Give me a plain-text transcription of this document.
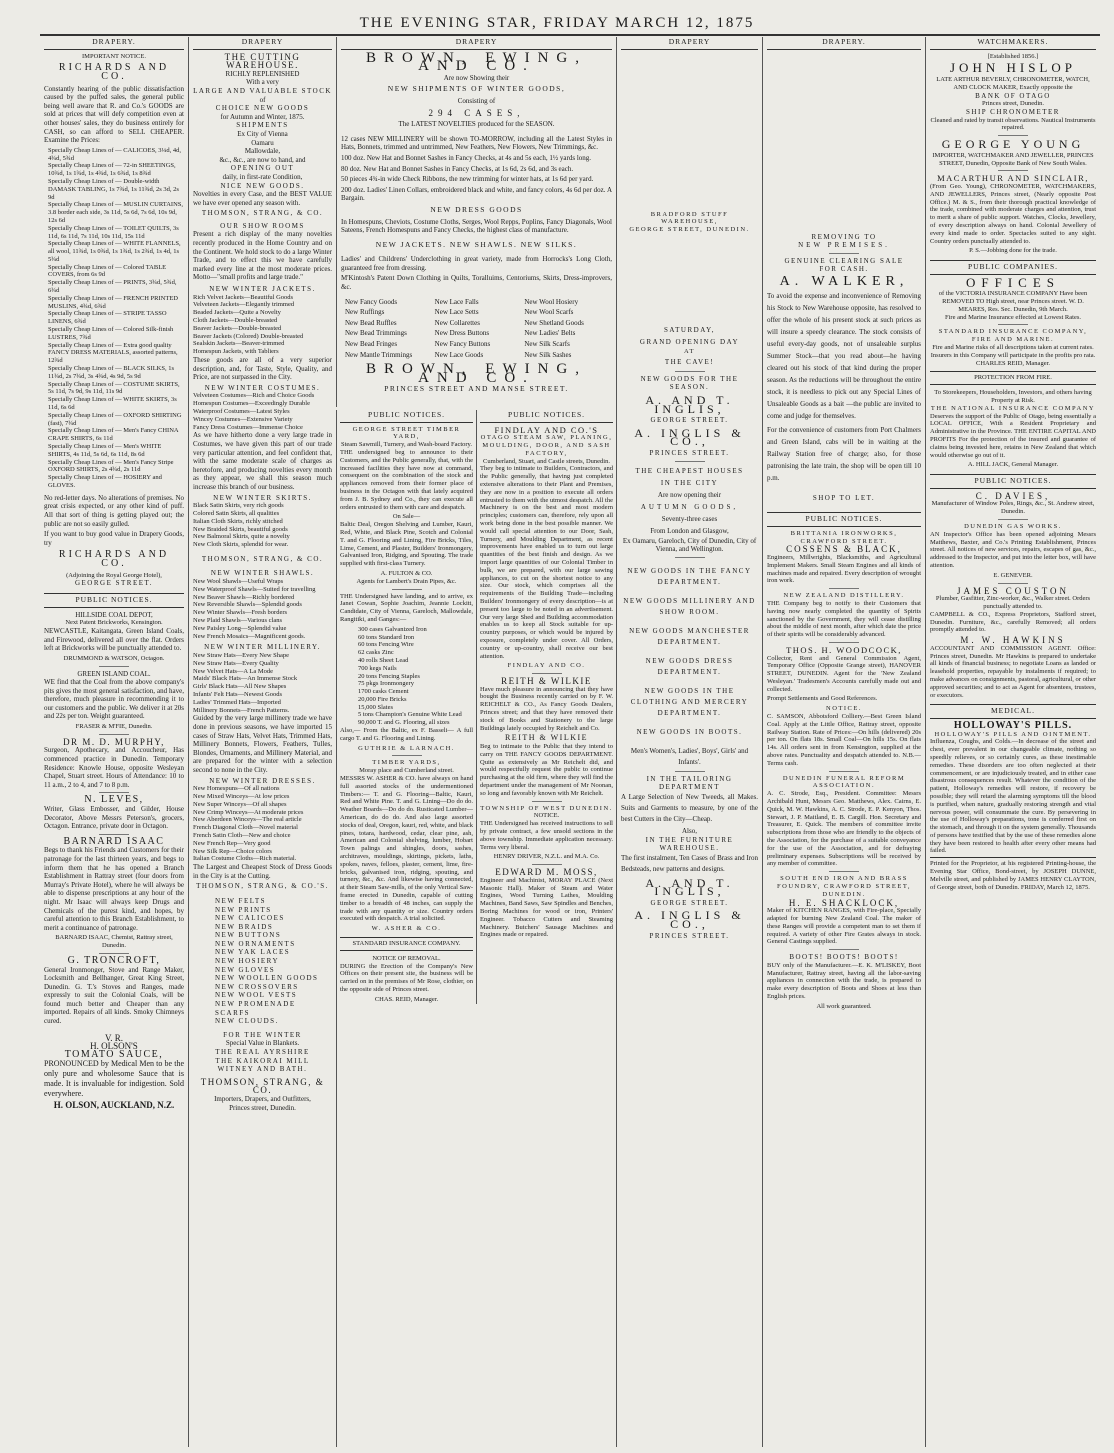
THE EVENING STAR, FRIDAY MARCH 12, 1875
DRAPERY.
IMPORTANT NOTICE.
RICHARDS AND CO.
Constantly hearing of the public dissatisfaction caused by the puffed sales, the general public being well aware that R. and Co.'s GOODS are sold at prices that will defy competition even at other houses' sales, they do business entirely for CASH, so can afford to SELL CHEAPER. Examine the Prices:
Specially Cheap Lines of — CALICOES, 3¼d, 4d, 4¾d, 5¾d
Specially Cheap Lines of — 72-in SHEETINGS, 10¾d, 1s 1¾d, 1s 4¾d, 1s 6¾d, 1s 8¾d
Specially Cheap Lines of — Double-width DAMASK TABLING, 1s 7¾d, 1s 11¾d, 2s 3d, 2s 9d
Specially Cheap Lines of — MUSLIN CURTAINS, 3.8 border each side, 3s 11d, 5s 6d, 7s 6d, 10s 9d, 12s 6d
Specially Cheap Lines of — TOILET QUILTS, 3s 11d, 6s 11d, 7s 11d, 10s 11d, 15s 11d
Specially Cheap Lines of — WHITE FLANNELS, all wool, 11¾d, 1s 0¾d, 1s 1¾d, 1s 2¾d, 1s 4d, 1s 5¾d
Specially Cheap Lines of — Colored TABLE COVERS, from 6s 9d
Specially Cheap Lines of — PRINTS, 3¾d, 5¾d, 6¾d
Specially Cheap Lines of — FRENCH PRINTED MUSLINS, 4¾d, 6¾d
Specially Cheap Lines of — STRIPE TASSO LINENS, 6¾d
Specially Cheap Lines of — Colored Silk-finish LUSTRES, 7¾d
Specially Cheap Lines of — Extra good quality FANCY DRESS MATERIALS, assorted patterns, 12¾d
Specially Cheap Lines of — BLACK SILKS, 1s 11¾d, 2s 7¾d, 3s 4¾d, 4s 9d, 5s 9d
Specially Cheap Lines of — COSTUME SKIRTS, 5s 11d, 7s 9d, 9s 11d, 11s 9d
Specially Cheap Lines of — WHITE SKIRTS, 3s 11d, 6s 6d
Specially Cheap Lines of — OXFORD SHIRTING (fast), 7¾d
Specially Cheap Lines of — Men's Fancy CHINA CRAPE SHIRTS, 6s 11d
Specially Cheap Lines of — Men's WHITE SHIRTS, 4s 11d, 5s 6d, 6s 11d, 8s 6d
Specially Cheap Lines of — Men's Fancy Stripe OXFORD SHIRTS, 2s 4¾d, 2s 11d
Specially Cheap Lines of — HOSIERY and GLOVES.
No red-letter days. No alterations of premises. No great crisis expected, or any other kind of puff. All that sort of thing is getting played out; the public are not so easily gulled.
If you want to buy good value in Drapery Goods, try
RICHARDS AND CO.
(Adjoining the Royal George Hotel),
GEORGE STREET.
PUBLIC NOTICES.
HILLSIDE COAL DEPOT,
Next Patent Brickworks, Kensington.
NEWCASTLE, Kaitangata, Green Island Coals, and Firewood, delivered all over the flat. Orders left at Brickworks will be punctually attended to.
DRUMMOND & WATSON, Octagon.
GREEN ISLAND COAL.
WE find that the Coal from the above company's pits gives the most general satisfaction, and have, therefore, much pleasure in recommending it to our customers and the public. We deliver it at 20s and 22s per ton. Weight guaranteed.
FRASER & M'FIE, Dunedin.
DR M. D. MURPHY,
Surgeon, Apothecary, and Accoucheur, Has commenced practice in Dunedin. Temporary Residence: Knowle House, opposite Wesleyan Chapel, Stuart street. Hours of Attendance: 10 to 11 a.m., 2 to 4, and 7 to 8 p.m.
N. LEVES,
Writer, Glass Embosser, and Gilder, House Decorator, Above Messrs Peterson's, grocers, Octagon. Entrance, private door in Octagon.
BARNARD ISAAC
Begs to thank his Friends and Customers for their patronage for the last thirteen years, and begs to inform them that he has opened a Branch Establishment in Rattray street (four doors from Murray's Private Hotel), where he will always be able to dispense prescriptions at any hour of the night. Mr Isaac will always keep Drugs and Chemicals of the purest kind, and hopes, by careful attention to this Branch Establishment, to merit a continuance of patronage.
BARNARD ISAAC, Chemist, Rattray street, Dunedin.
G. TRONCROFT,
General Ironmonger, Stove and Range Maker, Locksmith and Bellhanger, Great King Street, Dunedin. G. T.'s Stoves and Ranges, made expressly to suit the Colonial Coals, will be found much better and Cheaper than any imported. Repairs of all kinds. Smoky Chimneys cured.
V. R.
H. OLSON'S
TOMATO SAUCE,
PRONOUNCED by Medical Men to be the only pure and wholesome Sauce that is made. It is invaluable for indigestion. Sold everywhere.
H. OLSON, AUCKLAND, N.Z.
DRAPERY
THE CUTTING WAREHOUSE.
RICHLY REPLENISHED
With a very
LARGE AND VALUABLE STOCK
of
CHOICE NEW GOODS
for Autumn and Winter, 1875.
SHIPMENTS
Ex City of Vienna
Oamaru
Mallowdale,
&c., &c., are now to hand, and
OPENING OUT
daily, in first-rate Condition,
NICE NEW GOODS.
Novelties in every Case, and the BEST VALUE we have ever opened any season with.
THOMSON, STRANG, & CO.
OUR SHOW ROOMS
Present a rich display of the many novelties recently produced in the Home Country and on the Continent. We hold stock to do a large Winter Trade, and to effect this we have carefully marked every line at the most moderate prices. Motto—"small profits and large trade."
NEW WINTER JACKETS.
Rich Velvet Jackets—Beautiful Goods
Velveteen Jackets—Elegantly trimmed
Beaded Jackets—Quite a Novelty
Cloth Jackets—Double-breasted
Beaver Jackets—Double-breasted
Beaver Jackets (Colored) Double-breasted
Sealskin Jackets—Beaver-trimmed
Homespun Jackets, with Tabliers
These goods are all of a very superior description, and, for Taste, Style, Quality, and Price, are not surpassed in the City.
NEW WINTER COSTUMES.
Velveteen Costumes—Rich and Choice Goods
Homespun Costumes—Exceedingly Durable
Waterproof Costumes—Latest Styles
Wincey Costumes—Extensive Variety
Fancy Dress Costumes—Immense Choice
As we have hitherto done a very large trade in Costumes, we have given this part of our trade very particular attention, and feel confident that, with the same moderate scale of charges as heretofore, and producing novelties every month as they appear, we shall this season much increase this branch of our business.
NEW WINTER SKIRTS.
Black Satin Skirts, very rich goods
Colored Satin Skirts, all qualities
Italian Cloth Skirts, richly stitched
New Braided Skirts, beautiful goods
New Balmoral Skirts, quite a novelty
New Cloth Skirts, splendid for wear.
THOMSON, STRANG, & CO.
NEW WINTER SHAWLS.
New Wool Shawls—Useful Wraps
New Waterproof Shawls—Suited for travelling
New Beaver Shawls—Richly bordered
New Reversible Shawls—Splendid goods
New Winter Shawls—Fresh borders
New Plaid Shawls—Various clans
New Paisley Long—Splendid value
New French Mosaics—Magnificent goods.
NEW WINTER MILLINERY.
New Straw Hats—Every New Shape
New Straw Hats—Every Quality
New Velvet Hats—A La Mode
Maids' Black Hats—An Immense Stock
Girls' Black Hats—All New Shapes
Infants' Felt Hats—Newest Goods
Ladies' Trimmed Hats—Imported
Millinery Bonnets—French Patterns.
Guided by the very large millinery trade we have done in previous seasons, we have imported 15 cases of Straw Hats, Velvet Hats, Trimmed Hats, Millinery Bonnets, Flowers, Feathers, Tulles, Blondes, Ornaments, and Millinery Material, and are prepared for the winter with a selection second to none in the City.
NEW WINTER DRESSES.
New Homespuns—Of all nations
New Mixed Winceys—At low prices
New Super Winceys—Of all shapes
New Crimp Winceys—At moderate prices
New Aberdeen Winceys—The real article
French Diagonal Cloth—Novel material
French Satin Cloth—New and choice
New French Rep—Very good
New Silk Rep—Choice colors
Italian Costume Cloths—Rich material.
The Largest and Cheapest Stock of Dress Goods in the City is at the Cutting.
THOMSON, STRANG, & CO.'S.
NEW FELTS
NEW PRINTS
NEW CALICOES
NEW BRAIDS
NEW BUTTONS
NEW ORNAMENTS
NEW YAK LACES
NEW HOSIERY
NEW GLOVES
NEW WOOLLEN GOODS
NEW CROSSOVERS
NEW WOOL VESTS
NEW PROMENADE SCARFS
NEW CLOUDS.
FOR THE WINTER
Special Value in Blankets.
THE REAL AYRSHIRE
THE KAIKORAI MILL
WITNEY AND BATH.
THOMSON, STRANG, & CO.
Importers, Drapers, and Outfitters,
Princes street, Dunedin.
DRAPERY
BROWN, EWING, AND CO.
Are now Showing their
NEW SHIPMENTS OF WINTER GOODS,
Consisting of
294 CASES,
The LATEST NOVELTIES produced for the SEASON.
12 cases NEW MILLINERY will be shown TO-MORROW, including all the Latest Styles in Hats, Bonnets, trimmed and untrimmed, New Feathers, New Flowers, New Trimmings, &c.
100 doz. New Hat and Bonnet Sashes in Fancy Checks, at 4s and 5s each, 1½ yards long.
80 doz. New Hat and Bonnet Sashes in Fancy Checks, at 1s 6d, 2s 6d, and 3s each.
50 pieces 4¾-in wide Check Ribbons, the new trimming for winter hats, at 1s 6d per yard.
200 doz. Ladies' Linen Collars, embroidered black and white, and fancy colors, 4s 6d per doz. A Bargain.
NEW DRESS GOODS
In Homespuns, Cheviots, Costume Cloths, Serges, Wool Repps, Poplins, Fancy Diagonals, Wool Sateens, French Homespuns and Fancy Checks, the highest class of manufacture.
NEW JACKETS. NEW SHAWLS. NEW SILKS.
Ladies' and Childrens' Underclothing in great variety, made from Horrocks's Long Cloth, guaranteed free from dressing.
M'Kintosh's Patent Down Clothing in Quilts, Toralluims, Centoriums, Skirts, Dress-improvers, &c.
New Fancy Goods	New Lace Falls	New Wool Hosiery
New Ruffings	New Lace Setts	New Wool Scarfs
New Bead Ruffles	New Collarettes	New Shetland Goods
New Bead Trimmings	New Dress Buttons	New Ladies' Belts
New Bead Fringes	New Fancy Buttons	New Silk Scarfs
New Mantle Trimmings	New Lace Goods	New Silk Sashes
BROWN, EWING, AND CO.
PRINCES STREET AND MANSE STREET.
PUBLIC NOTICES.
GEORGE STREET TIMBER YARD,
Steam Sawmill, Turnery, and Wash-board Factory.
THE undersigned beg to announce to their Customers, and the Public generally, that, with the increased facilities they have now at command, consequent on the combination of the stock and appliances removed from their former place of business in the Octagon with that lately acquired from J. B. Sydney and Co., they can execute all orders entrusted to them with care and despatch.
On Sale—
Baltic Deal, Oregon Shelving and Lumber, Kauri, Red, White, and Black Pine, Scotch and Colonial T. and G. Flooring and Lining, Fire Bricks, Tiles, Lime, Cement, and Plaster, Builders' Ironmongery, Galvanised Iron, Ridging, and Spouting. The trade supplied with first-class Turnery.
A. FULTON & CO.
Agents for Lambert's Drain Pipes, &c.
THE Undersigned have landing, and to arrive, ex Janet Cowan, Sophie Joachim, Jeannie Lockitt, Candidate, City of Vienna, Gareloch, Mallowdale, Rangitiki, and Ganges:—
300 cases Galvanized Iron
60 tons Standard Iron
60 tons Fencing Wire
62 casks Zinc
40 rolls Sheet Lead
700 kegs Nails
20 tons Fencing Staples
75 pkgs Ironmongery
1700 casks Cement
20,000 Fire Bricks
15,000 Slates
5 tons Champion's Genuine White Lead
90,000 T. and G. Flooring, all sizes
Also,— From the Baltic, ex F. Basseli— A full cargo T. and G. Flooring and Lining.
GUTHRIE & LARNACH.
TIMBER YARDS,
Moray place and Cumberland street.
MESSRS W. ASHER & CO. have always on hand full assorted stocks of the undermentioned Timbers:— T. and G. Flooring—Baltic, Kauri, Red and White Pine. T. and G. Lining—Do do do. Weather Boards—Do do do. Rusticated Lumber—American, do do do. And also large assorted stocks of deal, Oregon, kauri, red, white, and black pines, totara, hardwood, cedar, clear pine, ash, American and Colonial shelving, lumber, Hobart Town palings and shingles, doors, sashes, architraves, mouldings, skirtings, pickets, laths, spokes, naves, felloes, plaster, cement, lime, fire-bricks, galvanised iron, ridging, spouting, and turnery, &c., &c. And likewise having connected, at their Steam Saw-mills, of the only Vertical Saw-frame erected in Dunedin, capable of cutting timber to a breadth of 48 inches, can supply the trade with any quantity or size. Country orders executed with despatch. A trial solicited.
W. ASHER & CO.
STANDARD INSURANCE COMPANY.
NOTICE OF REMOVAL.
DURING the Erection of the Company's New Offices on their present site, the business will be carried on in the premises of Mr Rose, clothier, on the opposite side of Princes street.
CHAS. REID, Manager.
PUBLIC NOTICES.
FINDLAY AND CO.'S
OTAGO STEAM SAW, PLANING, MOULDING, DOOR, AND SASH FACTORY,
Cumberland, Stuart, and Castle streets, Dunedin.
They beg to intimate to Builders, Contractors, and the Public generally, that having just completed extensive alterations to their Plant and Premises, they are now in a position to execute all orders entrusted to them with the utmost despatch. All the Machinery is on the best and most modern principles; customers can, therefore, rely upon all work being done in the best possible manner. We would call special attention to our Door, Sash, Turnery, and Moulding Department, as recent improvements have enabled us to turn out large quantities of the best finish and design. As we import large quantities of our Colonial Timber in bulk, we are prepared, with our large sawing appliances, to cut on the shortest notice to any size. Our stock, which comprises all the requirements of the Building Trade—including Builders' Ironmongery of every description—is at present too large to be noted in an advertisement. Our very large Shed and Building accommodation enables us to keep all Stock suitable for up-country purposes, or which would be injured by exposure, completely under cover. All Orders, country or up-country, shall receive our best attention.
FINDLAY AND CO.
REITH & WILKIE
Have much pleasure in announcing that they have bought the Business recently carried on by F. W. REICHELT & CO., As Fancy Goods Dealers, Princes street; and that they have removed their stock of Books and Stationery to the large Buildings lately occupied by Reichelt and Co.
REITH & WILKIE
Beg to intimate to the Public that they intend to carry on THE FANCY GOODS DEPARTMENT. Quite as extensively as Mr Reichelt did, and would respectfully request the public to continue purchasing at the old firm, where they will find the department under the management of Mr Noonan, so long and favorably known with Mr Reichelt.
TOWNSHIP OF WEST DUNEDIN.
NOTICE.
THE Undersigned has received instructions to sell by private contract, a few unsold sections in the above township. Immediate application necessary. Terms very liberal.
HENRY DRIVER, N.Z.L. and M.A. Co.
EDWARD M. MOSS,
Engineer and Machinist, MORAY PLACE (Next Masonic Hall). Maker of Steam and Water Engines, Wood Turning Lathes, Moulding Machines, Band Saws, Saw Spindles and Benches, Boring Machines for wood or iron, Printers' Engineer. Tobacco Cutters and Steaming Machinery. Butchers' Sausage Machines and Engines made or repaired.
DRAPERY
BRADFORD STUFF WAREHOUSE,
GEORGE STREET, DUNEDIN.
SATURDAY,
GRAND OPENING DAY
AT
THE CAVE!
NEW GOODS FOR THE SEASON.
A. AND T. INGLIS,
GEORGE STREET.
A. INGLIS & CO.,
PRINCES STREET.
THE CHEAPEST HOUSES
IN THE CITY
Are now opening their
AUTUMN GOODS,
Seventy-three cases
From London and Glasgow,
Ex Oamaru, Gareloch, City of Dunedin, City of Vienna, and Wellington.
NEW GOODS IN THE FANCY DEPARTMENT.
NEW GOODS MILLINERY AND SHOW ROOM.
NEW GOODS MANCHESTER DEPARTMENT.
NEW GOODS DRESS DEPARTMENT.
NEW GOODS IN THE CLOTHING AND MERCERY DEPARTMENT.
NEW GOODS IN BOOTS.
Men's Women's, Ladies', Boys', Girls' and Infants'.
IN THE TAILORING DEPARTMENT
A Large Selection of New Tweeds, all Makes. Suits and Garments to measure, by one of the best Cutters in the City—Cheap.
Also,
IN THE FURNITURE WAREHOUSE.
The first instalment, Ten Cases of Brass and Iron Bedsteads, new patterns and designs.
A. AND T. INGLIS,
GEORGE STREET.
A. INGLIS & CO.,
PRINCES STREET.
DRAPERY.
REMOVING TO
NEW PREMISES.
GENUINE CLEARING SALE
FOR CASH.
A. WALKER,
To avoid the expense and inconvenience of Removing his Stock to New Warehouse opposite, has resolved to offer the whole of his present stock at such prices as will insure a speedy clearance. The stock consists of useful every-day goods, not of unsaleable surplus Summer Stock—that you read about—he having cleared out his stock of that kind during the proper season. As the reductions will be throughout the entire stock, it is needless to pick out any Special Lines of Unsaleable Goods as a bait —the public are invited to come and judge for themselves.
For the convenience of customers from Port Chalmers and Green Island, cabs will be in waiting at the Railway Station free of charge; also, for those patronising the late train, the shop will be open till 10 p.m.
SHOP TO LET.
PUBLIC NOTICES.
BRITTANIA IRONWORKS, CRAWFORD STREET.
COSSENS & BLACK,
Engineers, Millwrights, Blacksmiths, and Agricultural Implement Makers. Small Steam Engines and all kinds of machines made and repaired. Every description of wrought iron work.
NEW ZEALAND DISTILLERY.
THE Company beg to notify to their Customers that having now nearly completed the quantity of Spirits sanctioned by the Government, they will cease distilling about the middle of next month, after which date the price of their spirits will be considerably advanced.
THOS. H. WOODCOCK,
Collector, Rent and General Commission Agent, Temporary Office (Opposite Grange street), HANOVER STREET, DUNEDIN. Agent for the 'New Zealand Wesleyan.' Tradesmen's Accounts carefully made out and collected.
Prompt Settlements and Good References.
NOTICE.
C. SAMSON, Abbotsford Colliery.—Best Green Island Coal. Apply at the Little Office, Rattray street, opposite Railway Station. Rate of Prices:—On hills (delivered) 20s per ton. On flats 18s. Small Coal—On hills 15s. On flats 14s. All orders sent in from Kensington, supplied at the above rates. Punctuality and despatch attended to. N.B.—Terms cash.
DUNEDIN FUNERAL REFORM ASSOCIATION.
A. C. Strode, Esq., President. Committee: Messrs Archibald Hunt, Messrs Geo. Matthews, Alex. Cairns, E. Quick, M. W. Hawkins, A. C. Strode, E. P. Kenyon, Thos. Stewart, J. P. Maitland, E. B. Cargill. Hon. Secretary and Treasurer, E. Quick. The members of committee invite subscriptions from those who are friendly to the objects of the Association, for the purchase of a suitable conveyance for the use of the Association, and for defraying preliminary expenses. Subscriptions will be received by any member of committee.
SOUTH END IRON AND BRASS FOUNDRY, CRAWFORD STREET, DUNEDIN.
H. E. SHACKLOCK,
Maker of KITCHEN RANGES, with Fire-place, Specially adapted for burning New Zealand Coal. The maker of these Ranges will provide a competent man to set them if required. A variety of other Fire Grates always in stock. General Castings supplied.
BOOTS! BOOTS! BOOTS!
BUY only of the Manufacturer.—E. K. M'LISKEY, Boot Manufacturer, Rattray street, having all the labor-saving appliances in connection with the trade, is prepared to make every description of Boots and Shoes at less than English prices.
All work guaranteed.
WATCHMAKERS.
[Established 1856.]
JOHN HISLOP
LATE ARTHUR BEVERLY, CHRONOMETER, WATCH, AND CLOCK MAKER, Exactly opposite the
BANK OF OTAGO
Princes street, Dunedin.
SHIP CHRONOMETER
Cleaned and rated by transit observations. Nautical Instruments repaired.
GEORGE YOUNG
IMPORTER, WATCHMAKER AND JEWELLER, PRINCES STREET, Dunedin, Opposite Bank of New South Wales.
MACARTHUR AND SINCLAIR,
(From Geo. Young), CHRONOMETER, WATCHMAKERS, AND JEWELLERS, Princes street, (Nearly opposite Post Office.) M. & S., from their thorough practical knowledge of the trade, combined with moderate charges and attention, trust to merit a share of public support. Watches, Clocks, Jewellery, of every description always on hand. Colonial Jewellery of every kind made to order. Spectacles suited to any sight. Country orders punctually attended to.
P. S.—Jobbing done for the trade.
PUBLIC COMPANIES.
OFFICES
of the VICTORIA INSURANCE COMPANY Have been REMOVED TO High street, near Princes street. W. D. MEARES, Res. Sec. Dunedin, 9th March.
Fire and Marine Insurance effected at Lowest Rates.
STANDARD INSURANCE COMPANY, FIRE AND MARINE.
Fire and Marine risks of all descriptions taken at current rates. Insurers in this Company will participate in the profits pro rata.
CHARLES REID, Manager.
PROTECTION FROM FIRE.
To Storekeepers, Householders, Investors, and others having Property at Risk.
THE NATIONAL INSURANCE COMPANY
Deserves the support of the Public of Otago, being essentially a LOCAL OFFICE, With a Resident Proprietary and Administrative in the Province. THE ENTIRE CAPITAL AND PROFITS For the protection of the insured and guarantee of claims being invested here, retains in New Zealand that which would otherwise go out of it.
A. HILL JACK, General Manager.
PUBLIC NOTICES.
C. DAVIES,
Manufacturer of Window Poles, Rings, &c., St. Andrew street, Dunedin.
DUNEDIN GAS WORKS.
AN Inspector's Office has been opened adjoining Messrs Matthews, Baxter, and Co.'s Printing Establishment, Princes street. All notices of new services, repairs, escapes of gas, &c., addressed to the Inspector, and put into the letter box, will have attention.
E. GENEVER.
JAMES COUSTON
Plumber, Gasfitter, Zinc-worker, &c., Walker street. Orders punctually attended to.
CAMPBELL & CO., Express Proprietors, Stafford street, Dunedin. Furniture, &c., carefully Removed; all orders promptly attended to.
M. W. HAWKINS
ACCOUNTANT AND COMMISSION AGENT. Office: Princes street, Dunedin. Mr Hawkins is prepared to undertake all kinds of financial business; to negotiate Loans as landed or leasehold properties, repayable by instalments if required; to make advances on consignments, pastoral, agricultural, or other approved securities; and to act as Agent for absentees, trustees, or executors.
MEDICAL.
HOLLOWAY'S PILLS.
HOLLOWAY'S PILLS AND OINTMENT.
Influenza, Coughs, and Colds.—In decrease of the street and chest, ever prevalent in our changeable climate, nothing so speedily relieves, or so certainly cures, as these inestimable remedies. These disorders are too often neglected at their commencement, or are injudiciously treated, and in either case disastrous consequences result. Whatever the condition of the patient, Holloway's remedies will restore, if recovery be possible; they will retard the alarming symptoms till the blood is purified, when nature, gradually restoring strength and vital nervous power, will consummate the cure. By persevering in the use of Holloway's preparations, tone is conferred first on the stomach, and through it on the system generally. Thousands of persons have testified that by the use of these remedies alone they have been restored to health after every other means had failed.
Printed for the Proprietor, at his registered Printing-house, the Evening Star Office, Bond-street, by JOSEPH DUNNE, Melville street, and published by JAMES HENRY CLAYTON, of George street, both of Dunedin. FRIDAY, March 12, 1875.
